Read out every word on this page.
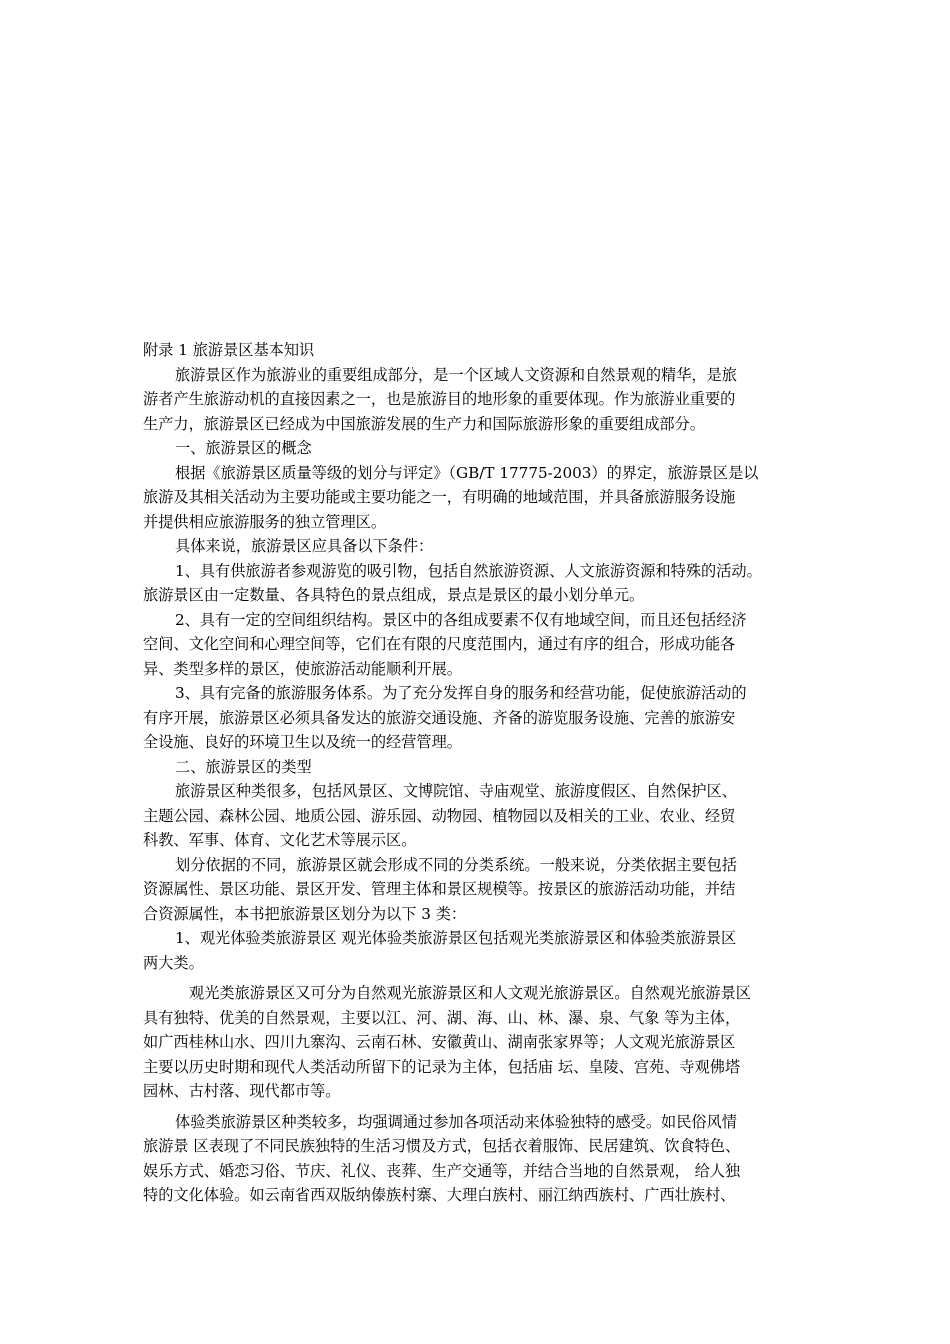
附录 1 旅游景区基本知识
旅游景区作为旅游业的重要组成部分，是一个区域人文资源和自然景观的精华，是旅
游者产生旅游动机的直接因素之一，也是旅游目的地形象的重要体现。作为旅游业重要的
生产力，旅游景区已经成为中国旅游发展的生产力和国际旅游形象的重要组成部分。
一、旅游景区的概念
根据《旅游景区质量等级的划分与评定》（GB/T 17775-2003）的界定，旅游景区是以
旅游及其相关活动为主要功能或主要功能之一，有明确的地域范围，并具备旅游服务设施
并提供相应旅游服务的独立管理区。
具体来说，旅游景区应具备以下条件：
1、具有供旅游者参观游览的吸引物，包括自然旅游资源、人文旅游资源和特殊的活动。
旅游景区由一定数量、各具特色的景点组成，景点是景区的最小划分单元。
2、具有一定的空间组织结构。景区中的各组成要素不仅有地域空间，而且还包括经济
空间、文化空间和心理空间等，它们在有限的尺度范围内，通过有序的组合，形成功能各
异、类型多样的景区，使旅游活动能顺利开展。
3、具有完备的旅游服务体系。为了充分发挥自身的服务和经营功能，促使旅游活动的
有序开展，旅游景区必须具备发达的旅游交通设施、齐备的游览服务设施、完善的旅游安
全设施、良好的环境卫生以及统一的经营管理。
二、旅游景区的类型
旅游景区种类很多，包括风景区、文博院馆、寺庙观堂、旅游度假区、自然保护区、
主题公园、森林公园、地质公园、游乐园、动物园、植物园以及相关的工业、农业、经贸
科教、军事、体育、文化艺术等展示区。
划分依据的不同，旅游景区就会形成不同的分类系统。一般来说，分类依据主要包括
资源属性、景区功能、景区开发、管理主体和景区规模等。按景区的旅游活动功能，并结
合资源属性，本书把旅游景区划分为以下 3 类：
1、观光体验类旅游景区 观光体验类旅游景区包括观光类旅游景区和体验类旅游景区
两大类。
观光类旅游景区又可分为自然观光旅游景区和人文观光旅游景区。自然观光旅游景区
具有独特、优美的自然景观，主要以江、河、湖、海、山、林、瀑、泉、气象 等为主体，
如广西桂林山水、四川九寨沟、云南石林、安徽黄山、湖南张家界等；人文观光旅游景区
主要以历史时期和现代人类活动所留下的记录为主体，包括庙 坛、皇陵、宫苑、寺观佛塔
园林、古村落、现代都市等。
体验类旅游景区种类较多，均强调通过参加各项活动来体验独特的感受。如民俗风情
旅游景 区表现了不同民族独特的生活习惯及方式，包括衣着服饰、民居建筑、饮食特色、
娱乐方式、婚恋习俗、节庆、礼仪、丧葬、生产交通等，并结合当地的自然景观， 给人独
特的文化体验。如云南省西双版纳傣族村寨、大理白族村、丽江纳西族村、广西壮族村、
